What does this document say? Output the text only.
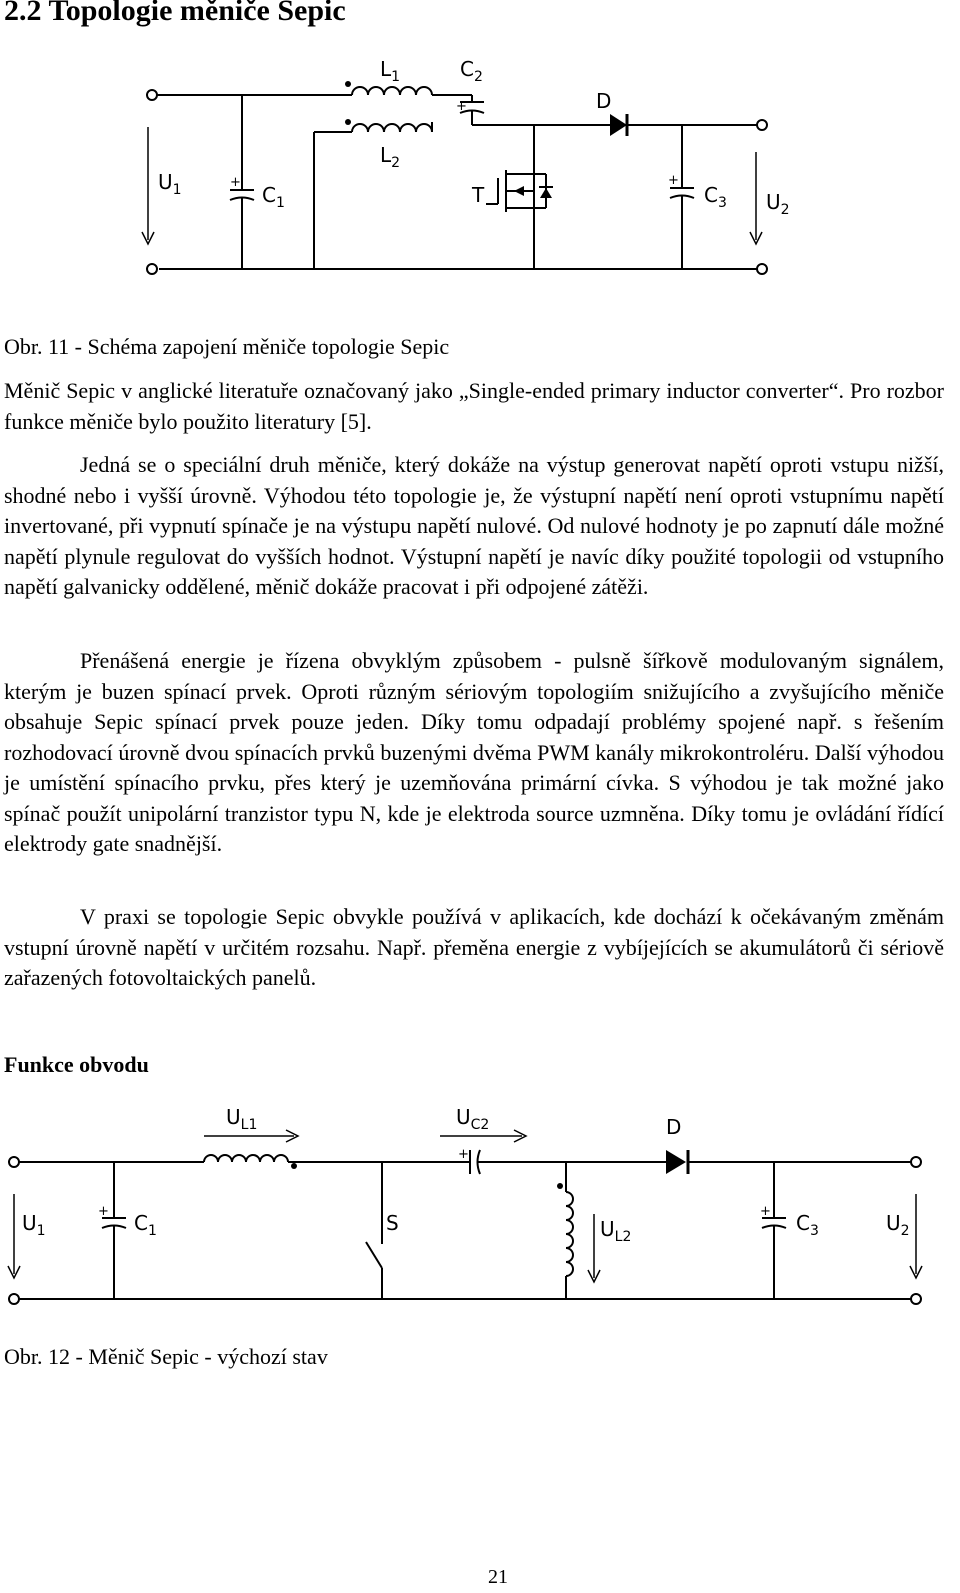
2.2 Topologie měniče Sepic
+
+
+
$U_1$	$C_1$
$L_1$
$L_2$
$C_2$
D
T	$C_3$ $U_2$

Obr. 11 - Schéma zapojení měniče topologie Sepic

Měnič Sepic v anglické literatuře označovaný jako „Single-ended primary inductor converter“. Pro rozbor funkce měniče bylo použito literatury [5].

Jedná se o speciální druh měniče, který dokáže na výstup generovat napětí oproti vstupu nižší, shodné nebo i vyšší úrovně. Výhodou této topologie je, že výstupní napětí není oproti vstupnímu napětí invertované, při vypnutí spínače je na výstupu napětí nulové. Od nulové hodnoty je po zapnutí dále možné napětí plynule regulovat do vyšších hodnot. Výstupní napětí je navíc díky použité topologii od vstupního napětí galvanicky oddělené, měnič dokáže pracovat i při odpojené zátěži.

Přenášená energie je řízena obvyklým způsobem - pulsně šířkově modulovaným signálem, kterým je buzen spínací prvek. Oproti různým sériovým topologiím snižujícího a zvyšujícího měniče obsahuje Sepic spínací prvek pouze jeden. Díky tomu odpadají problémy spojené např. s řešením rozhodovací úrovně dvou spínacích prvků buzenými dvěma PWM kanály mikrokontroléru. Další výhodou je umístění spínacího prvku, přes který je uzemňována primární cívka. S výhodou je tak možné jako spínač použít unipolární tranzistor typu N, kde je elektroda source uzmněna. Díky tomu je ovládání řídící elektrody gate snadnější.

V praxi se topologie Sepic obvykle používá v aplikacích, kde dochází k očekávaným změnám vstupní úrovně napětí v určitém rozsahu. Např. přeměna energie z vybíjejících se akumulátorů či sériově zařazených fotovoltaických panelů.

Funkce obvodu
+
+
+
$U_{L1}$	$U_{C2}$	D
$U_1$	$C_1$	S	$U_{L2}$
$C_3$	$U_2$

Obr. 12 - Měnič Sepic - výchozí stav

21
